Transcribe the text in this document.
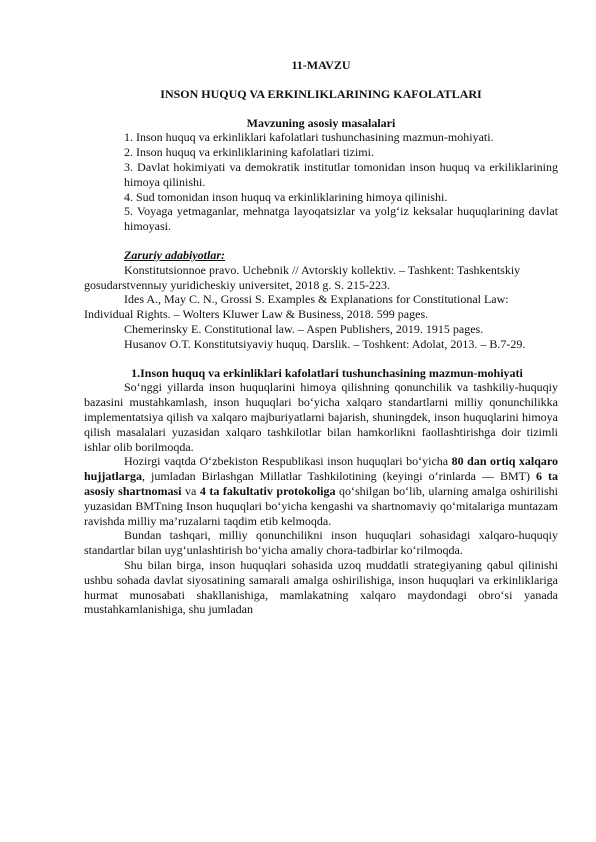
11-MAVZU
INSON HUQUQ VA ERKINLIKLARINING KAFOLATLARI
Mavzuning asosiy masalalari
1. Inson huquq va erkinliklari kafolatlari tushunchasining mazmun-mohiyati.
2. Inson huquq va erkinliklarining kafolatlari tizimi.
3. Davlat hokimiyati va demokratik institutlar tomonidan inson huquq va erkiliklarining himoya qilinishi.
4. Sud tomonidan inson huquq va erkinliklarining himoya qilinishi.
5. Voyaga yetmaganlar, mehnatga layoqatsizlar va yolg‘iz keksalar huquqlarining davlat himoyasi.
Zaruriy adabiyotlar:
Konstitutsionnoe pravo. Uchebnik // Avtorskiy kollektiv. – Tashkent: Tashkentskiy gosudarstvennыy yuridicheskiy universitet, 2018 g. S. 215-223.
Ides A., May C. N., Grossi S. Examples & Explanations for Constitutional Law: Individual Rights. – Wolters Kluwer Law & Business, 2018. 599 pages.
Chemerinsky E. Constitutional law. – Aspen Publishers, 2019. 1915 pages.
Husanov O.T. Konstitutsiyaviy huquq. Darslik. – Toshkent: Adolat, 2013. – B.7-29.
1.Inson huquq va erkinliklari kafolatlari tushunchasining mazmun-mohiyati
So‘nggi yillarda inson huquqlarini himoya qilishning qonunchilik va tashkiliy-huquqiy bazasini mustahkamlash, inson huquqlari bo‘yicha xalqaro standartlarni milliy qonunchilikka implementatsiya qilish va xalqaro majburiyatlarni bajarish, shuningdek, inson huquqlarini himoya qilish masalalari yuzasidan xalqaro tashkilotlar bilan hamkorlikni faollashtirishga doir tizimli ishlar olib borilmoqda.
Hozirgi vaqtda O‘zbekiston Respublikasi inson huquqlari bo‘yicha 80 dan ortiq xalqaro hujjatlarga, jumladan Birlashgan Millatlar Tashkilotining (keyingi o‘rinlarda — BMT) 6 ta asosiy shartnomasi va 4 ta fakultativ protokoliga qo‘shilgan bo‘lib, ularning amalga oshirilishi yuzasidan BMTning Inson huquqlari bo‘yicha kengashi va shartnomaviy qo‘mitalariga muntazam ravishda milliy ma’ruzalarni taqdim etib kelmoqda.
Bundan tashqari, milliy qonunchilikni inson huquqlari sohasidagi xalqaro-huquqiy standartlar bilan uyg‘unlashtirish bo‘yicha amaliy chora-tadbirlar ko‘rilmoqda.
Shu bilan birga, inson huquqlari sohasida uzoq muddatli strategiyaning qabul qilinishi ushbu sohada davlat siyosatining samarali amalga oshirilishiga, inson huquqlari va erkinliklariga hurmat munosabati shakllanishiga, mamlakatning xalqaro maydondagi obro‘si yanada mustahkamlanishiga, shu jumladan
